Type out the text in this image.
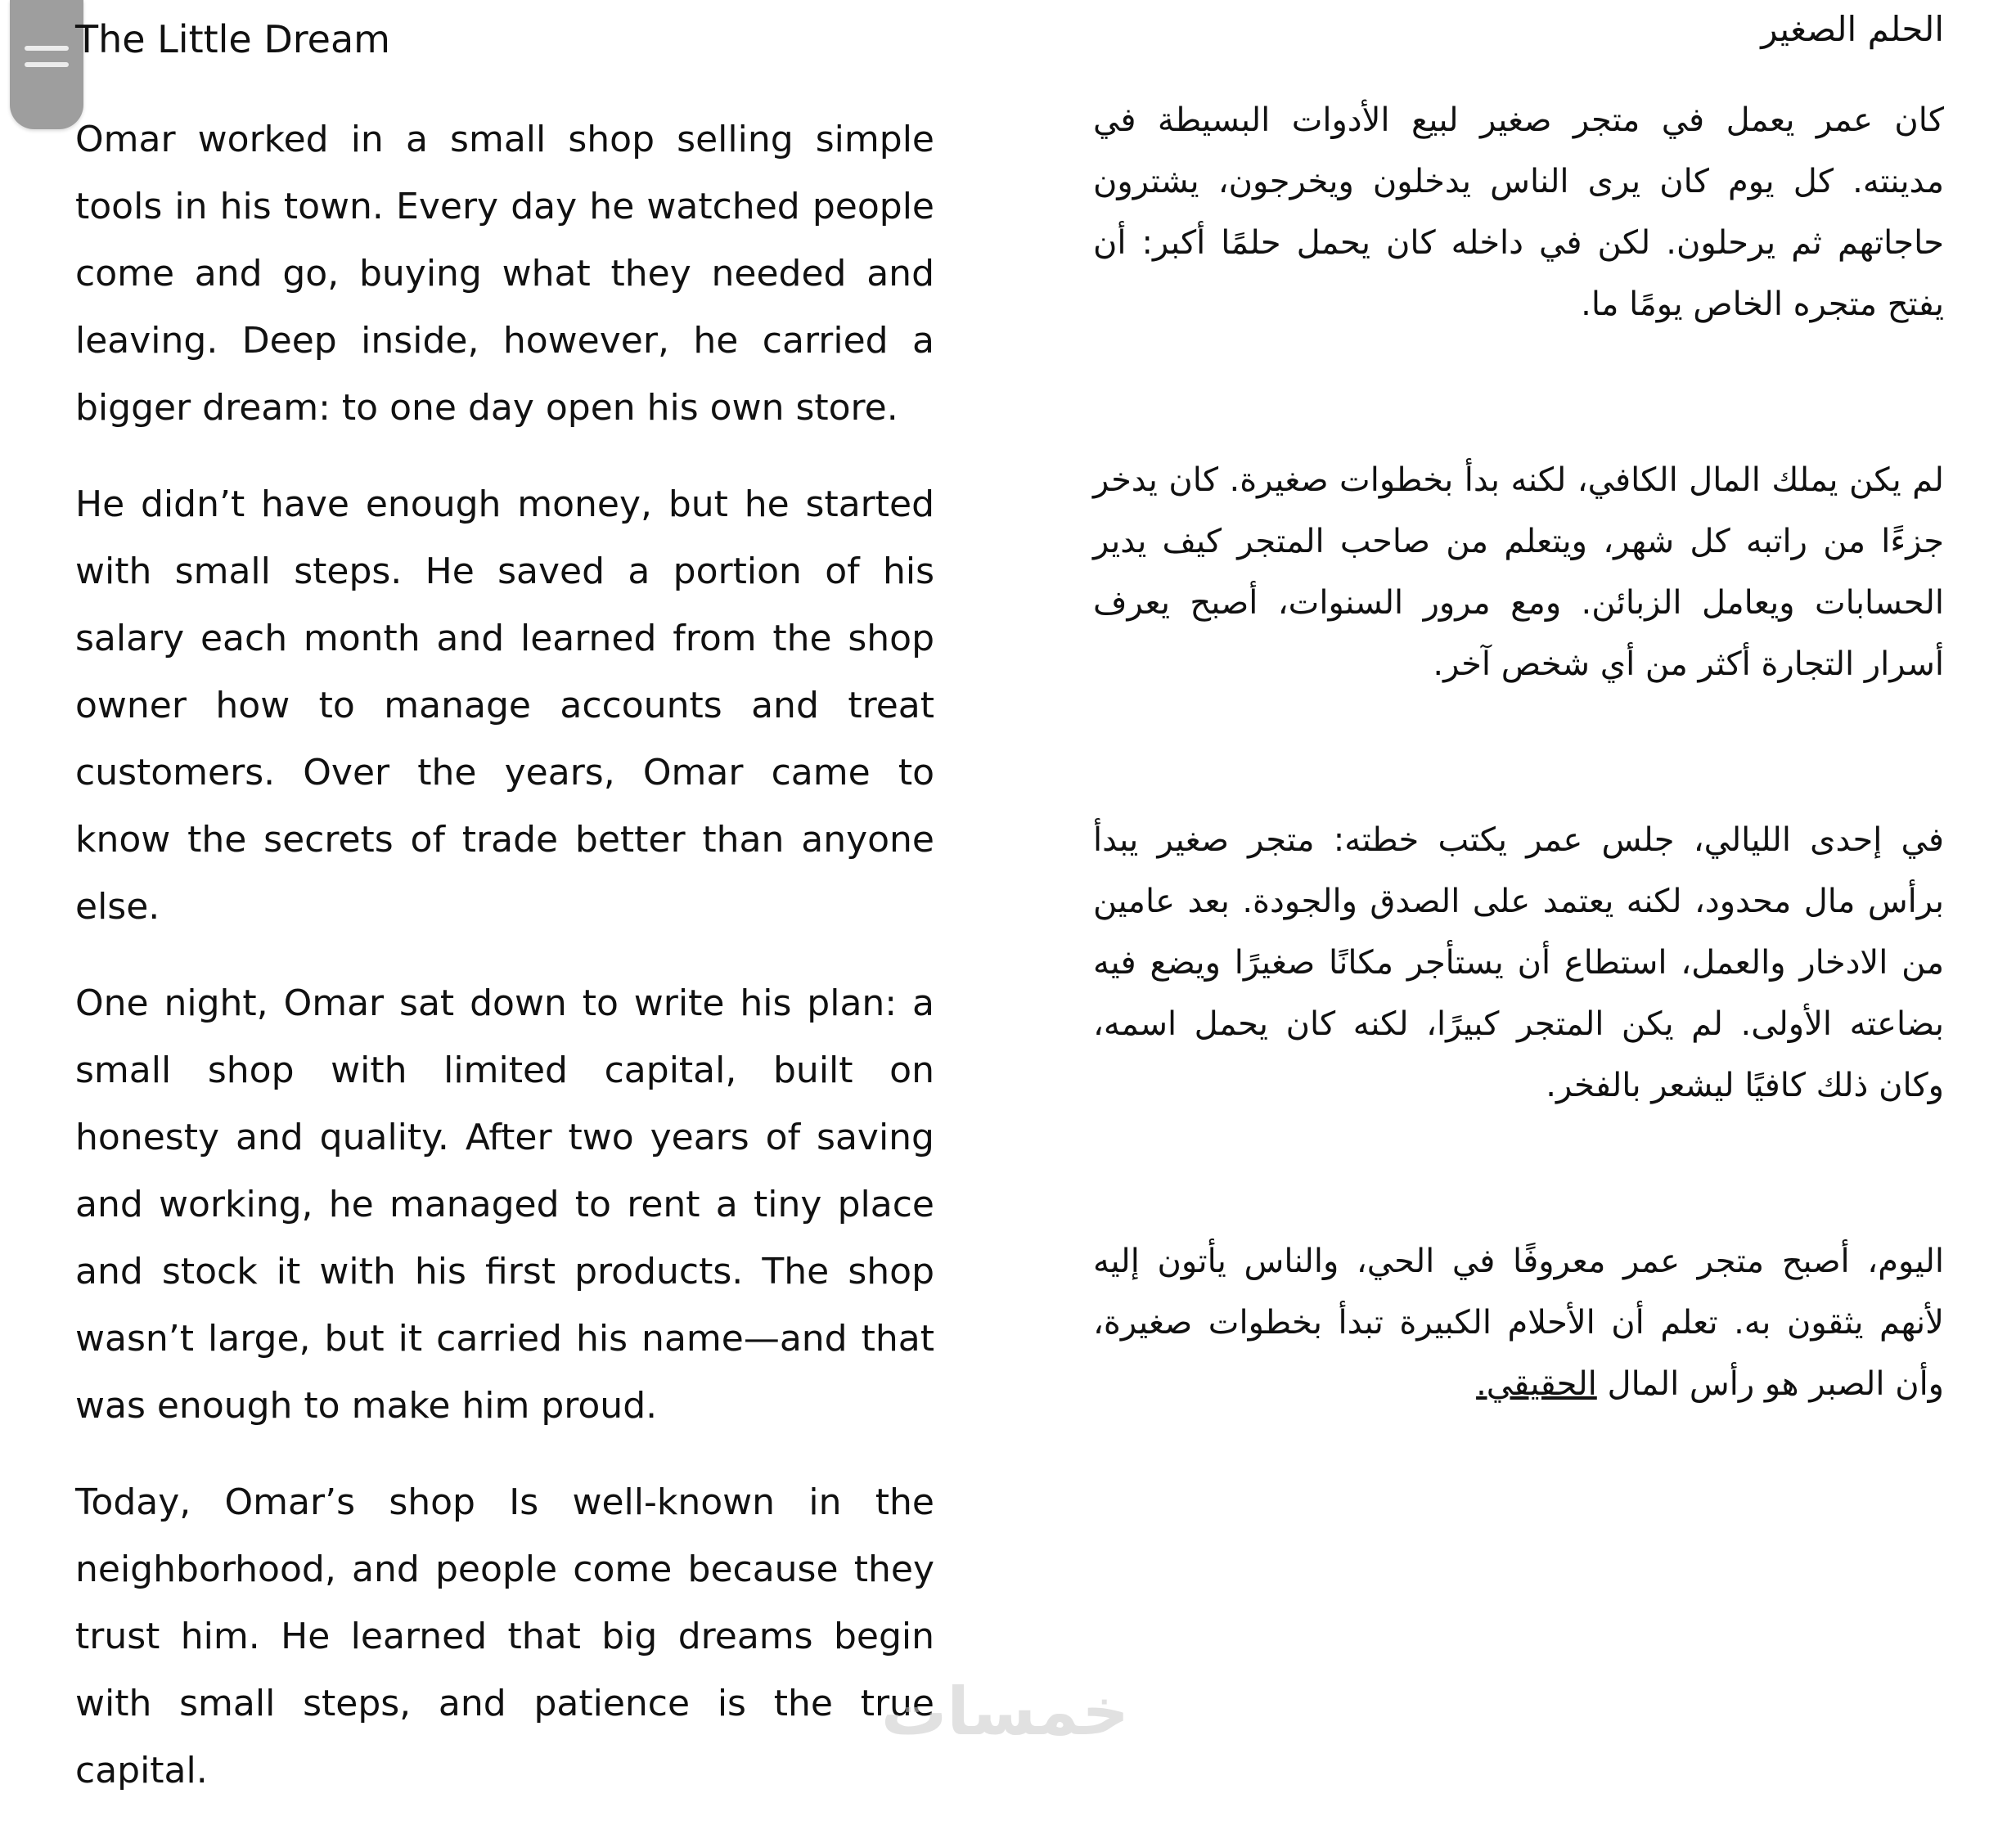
The Little Dream

Omar worked in a small shop selling simple tools in his town. Every day he watched people come and go, buying what they needed and leaving. Deep inside, however, he carried a bigger dream: to one day open his own store.

He didn’t have enough money, but he started with small steps. He saved a portion of his salary each month and learned from the shop owner how to manage accounts and treat customers. Over the years, Omar came to know the secrets of trade better than anyone else.

One night, Omar sat down to write his plan: a small shop with limited capital, built on honesty and quality. After two years of saving and working, he managed to rent a tiny place and stock it with his first products. The shop wasn’t large, but it carried his name—and that was enough to make him proud.

Today, Omar’s shop Is well-known in the neighborhood, and people come because they trust him. He learned that big dreams begin with small steps, and patience is the true capital.

الحلم الصغير

كان عمر يعمل في متجر صغير لبيع الأدوات البسيطة في مدينته. كل يوم كان يرى الناس يدخلون ويخرجون، يشترون حاجاتهم ثم يرحلون. لكن في داخله كان يحمل حلمًا أكبر: أن يفتح متجره الخاص يومًا ما.

لم يكن يملك المال الكافي، لكنه بدأ بخطوات صغيرة. كان يدخر جزءًا من راتبه كل شهر، ويتعلم من صاحب المتجر كيف يدير الحسابات ويعامل الزبائن. ومع مرور السنوات، أصبح يعرف أسرار التجارة أكثر من أي شخص آخر.

في إحدى الليالي، جلس عمر يكتب خطته: متجر صغير يبدأ برأس مال محدود، لكنه يعتمد على الصدق والجودة. بعد عامين من الادخار والعمل، استطاع أن يستأجر مكانًا صغيرًا ويضع فيه بضاعته الأولى. لم يكن المتجر كبيرًا، لكنه كان يحمل اسمه، وكان ذلك كافيًا ليشعر بالفخر.

اليوم، أصبح متجر عمر معروفًا في الحي، والناس يأتون إليه لأنهم يثقون به. تعلم أن الأحلام الكبيرة تبدأ بخطوات صغيرة، وأن الصبر هو رأس المال الحقيقي.

خمسات
